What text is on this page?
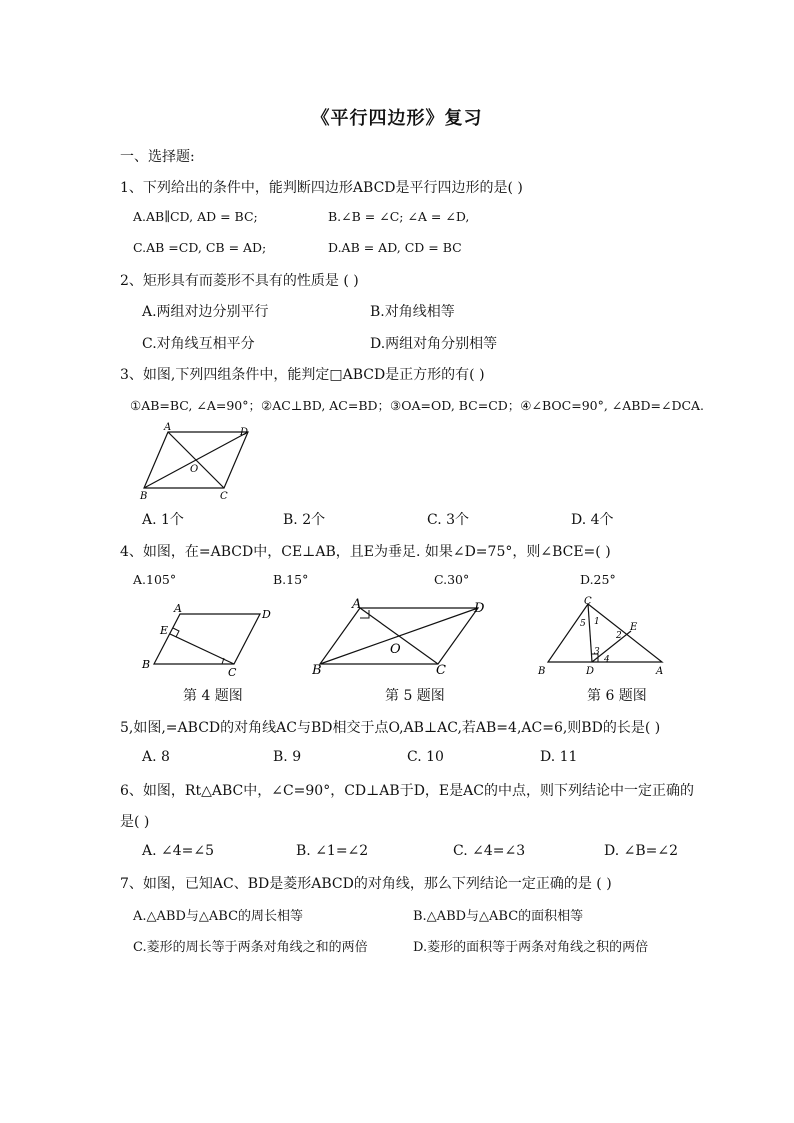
《平行四边形》复习
一、选择题:
1、下列给出的条件中，能判断四边形ABCD是平行四边形的是( )
A.AB∥CD, AD = BC;	B.∠B = ∠C; ∠A = ∠D,
C.AB =CD, CB = AD;	D.AB = AD, CD = BC
2、矩形具有而菱形不具有的性质是 ( )
A.两组对边分别平行	B.对角线相等
C.对角线互相平分	D.两组对角分别相等
3、如图,下列四组条件中，能判定□ABCD是正方形的有( )
①AB=BC, ∠A=90°；②AC⊥BD, AC=BD；③OA=OD, BC=CD；④∠BOC=90°, ∠ABD=∠DCA.
A	D
O
B	C
A. 1个	B. 2个	C. 3个	D. 4个
4、如图，在=ABCD中，CE⊥AB，且E为垂足. 如果∠D=75°，则∠BCE=( )
A.105°	B.15°	C.30°	D.25°
A	D
E
B
C
A	D
O
B	C
C
5 1
2
E
3
4
B	D	A
第 4 题图	第 5 题图	第 6 题图
5,如图,=ABCD的对角线AC与BD相交于点O,AB⊥AC,若AB=4,AC=6,则BD的长是( )
A. 8	B. 9	C. 10	D. 11
6、如图，Rt△ABC中，∠C=90°，CD⊥AB于D，E是AC的中点，则下列结论中一定正确的
是( )
A. ∠4=∠5	B. ∠1=∠2	C. ∠4=∠3	D. ∠B=∠2
7、如图，已知AC、BD是菱形ABCD的对角线，那么下列结论一定正确的是 ( )
A.△ABD与△ABC的周长相等	B.△ABD与△ABC的面积相等
C.菱形的周长等于两条对角线之和的两倍	D.菱形的面积等于两条对角线之积的两倍
